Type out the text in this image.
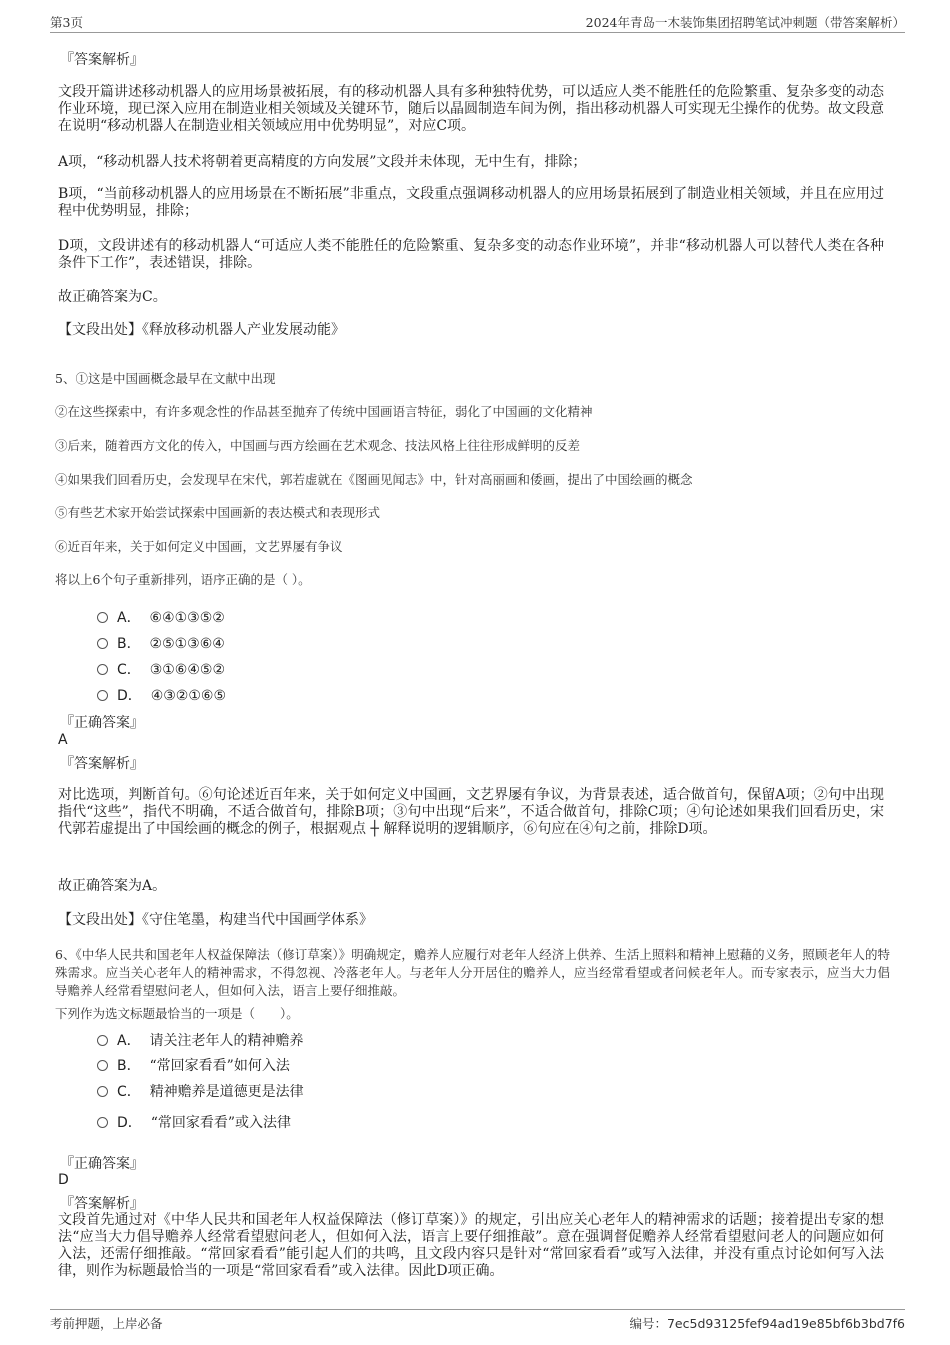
第3页	2024年青岛一木装饰集团招聘笔试冲刺题（带答案解析）
『答案解析』
文段开篇讲述移动机器人的应用场景被拓展，有的移动机器人具有多种独特优势，可以适应人类不能胜任的危险繁重、复杂多变的动态作业环境，现已深入应用在制造业相关领域及关键环节，随后以晶圆制造车间为例，指出移动机器人可实现无尘操作的优势。故文段意在说明“移动机器人在制造业相关领域应用中优势明显”，对应C项。
A项，“移动机器人技术将朝着更高精度的方向发展”文段并未体现，无中生有，排除；
B项，“当前移动机器人的应用场景在不断拓展”非重点，文段重点强调移动机器人的应用场景拓展到了制造业相关领域，并且在应用过程中优势明显，排除；
D项，文段讲述有的移动机器人“可适应人类不能胜任的危险繁重、复杂多变的动态作业环境”，并非“移动机器人可以替代人类在各种条件下工作”，表述错误，排除。
故正确答案为C。
【文段出处】《释放移动机器人产业发展动能》
5、①这是中国画概念最早在文献中出现
②在这些探索中，有许多观念性的作品甚至抛弃了传统中国画语言特征，弱化了中国画的文化精神
③后来，随着西方文化的传入，中国画与西方绘画在艺术观念、技法风格上往往形成鲜明的反差
④如果我们回看历史，会发现早在宋代，郭若虚就在《图画见闻志》中，针对高丽画和倭画，提出了中国绘画的概念
⑤有些艺术家开始尝试探索中国画新的表达模式和表现形式
⑥近百年来，关于如何定义中国画，文艺界屡有争议
将以上6个句子重新排列，语序正确的是（ ）。
A． ⑥④①③⑤②
B． ②⑤①③⑥④
C． ③①⑥④⑤②
D． ④③②①⑥⑤
『正确答案』
A
『答案解析』
对比选项，判断首句。⑥句论述近百年来，关于如何定义中国画，文艺界屡有争议，为背景表述，适合做首句，保留A项；②句中出现指代“这些”，指代不明确，不适合做首句，排除B项；③句中出现“后来”，不适合做首句，排除C项；④句论述如果我们回看历史，宋代郭若虚提出了中国绘画的概念的例子，根据观点 ┼ 解释说明的逻辑顺序，⑥句应在④句之前，排除D项。
故正确答案为A。
【文段出处】《守住笔墨，构建当代中国画学体系》
6、《中华人民共和国老年人权益保障法（修订草案）》明确规定，赡养人应履行对老年人经济上供养、生活上照料和精神上慰藉的义务，照顾老年人的特殊需求。应当关心老年人的精神需求，不得忽视、冷落老年人。与老年人分开居住的赡养人，应当经常看望或者问候老年人。而专家表示，应当大力倡导赡养人经常看望慰问老人，但如何入法，语言上要仔细推敲。
下列作为选文标题最恰当的一项是（　　）。
A． 请关注老年人的精神赡养
B． “常回家看看”如何入法
C． 精神赡养是道德更是法律
D． “常回家看看”或入法律
『正确答案』
D
『答案解析』
文段首先通过对《中华人民共和国老年人权益保障法（修订草案）》的规定，引出应关心老年人的精神需求的话题；接着提出专家的想法“应当大力倡导赡养人经常看望慰问老人，但如何入法，语言上要仔细推敲”。意在强调督促赡养人经常看望慰问老人的问题应如何入法，还需仔细推敲。“常回家看看”能引起人们的共鸣，且文段内容只是针对“常回家看看”或写入法律，并没有重点讨论如何写入法律，则作为标题最恰当的一项是“常回家看看”或入法律。因此D项正确。
考前押题，上岸必备	编号：7ec5d93125fef94ad19e85bf6b3bd7f6
